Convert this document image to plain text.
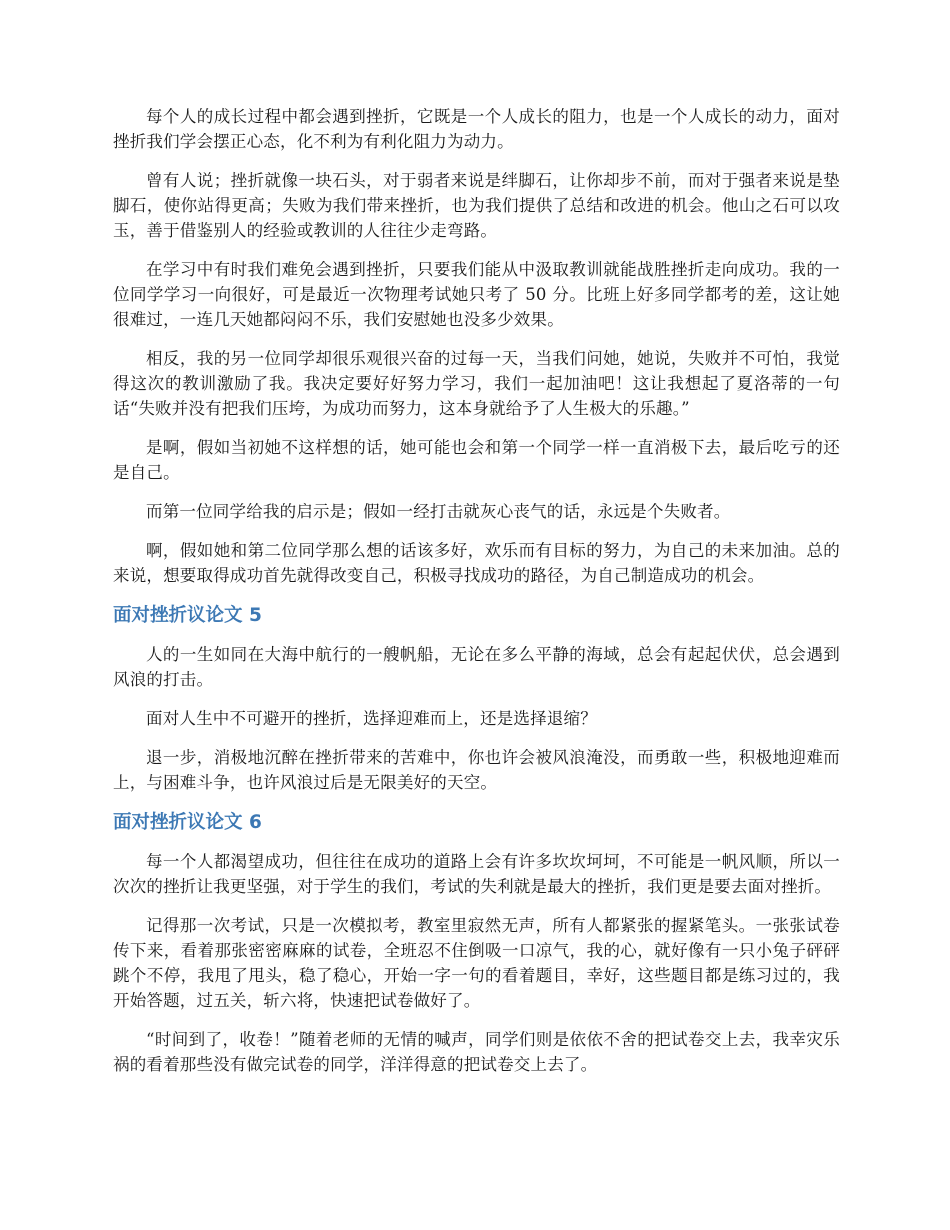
每个人的成长过程中都会遇到挫折，它既是一个人成长的阻力，也是一个人成长的动力，面对挫折我们学会摆正心态，化不利为有利化阻力为动力。

曾有人说；挫折就像一块石头，对于弱者来说是绊脚石，让你却步不前，而对于强者来说是垫脚石，使你站得更高；失败为我们带来挫折，也为我们提供了总结和改进的机会。他山之石可以攻玉，善于借鉴别人的经验或教训的人往往少走弯路。

在学习中有时我们难免会遇到挫折，只要我们能从中汲取教训就能战胜挫折走向成功。我的一位同学学习一向很好，可是最近一次物理考试她只考了 50 分。比班上好多同学都考的差，这让她很难过，一连几天她都闷闷不乐，我们安慰她也没多少效果。

相反，我的另一位同学却很乐观很兴奋的过每一天，当我们问她，她说，失败并不可怕，我觉得这次的教训激励了我。我决定要好好努力学习，我们一起加油吧！这让我想起了夏洛蒂的一句话“失败并没有把我们压垮，为成功而努力，这本身就给予了人生极大的乐趣。”

是啊，假如当初她不这样想的话，她可能也会和第一个同学一样一直消极下去，最后吃亏的还是自己。

而第一位同学给我的启示是；假如一经打击就灰心丧气的话，永远是个失败者。

啊，假如她和第二位同学那么想的话该多好，欢乐而有目标的努力，为自己的未来加油。总的来说，想要取得成功首先就得改变自己，积极寻找成功的路径，为自己制造成功的机会。

面对挫折议论文 5

人的一生如同在大海中航行的一艘帆船，无论在多么平静的海域，总会有起起伏伏，总会遇到风浪的打击。

面对人生中不可避开的挫折，选择迎难而上，还是选择退缩？

退一步，消极地沉醉在挫折带来的苦难中，你也许会被风浪淹没，而勇敢一些，积极地迎难而上，与困难斗争，也许风浪过后是无限美好的天空。

面对挫折议论文 6

每一个人都渴望成功，但往往在成功的道路上会有许多坎坎坷坷，不可能是一帆风顺，所以一次次的挫折让我更坚强，对于学生的我们，考试的失利就是最大的挫折，我们更是要去面对挫折。

记得那一次考试，只是一次模拟考，教室里寂然无声，所有人都紧张的握紧笔头。一张张试卷传下来，看着那张密密麻麻的试卷，全班忍不住倒吸一口凉气，我的心，就好像有一只小兔子砰砰跳个不停，我甩了甩头，稳了稳心，开始一字一句的看着题目，幸好，这些题目都是练习过的，我开始答题，过五关，斩六将，快速把试卷做好了。

“时间到了，收卷！”随着老师的无情的喊声，同学们则是依依不舍的把试卷交上去，我幸灾乐祸的看着那些没有做完试卷的同学，洋洋得意的把试卷交上去了。
